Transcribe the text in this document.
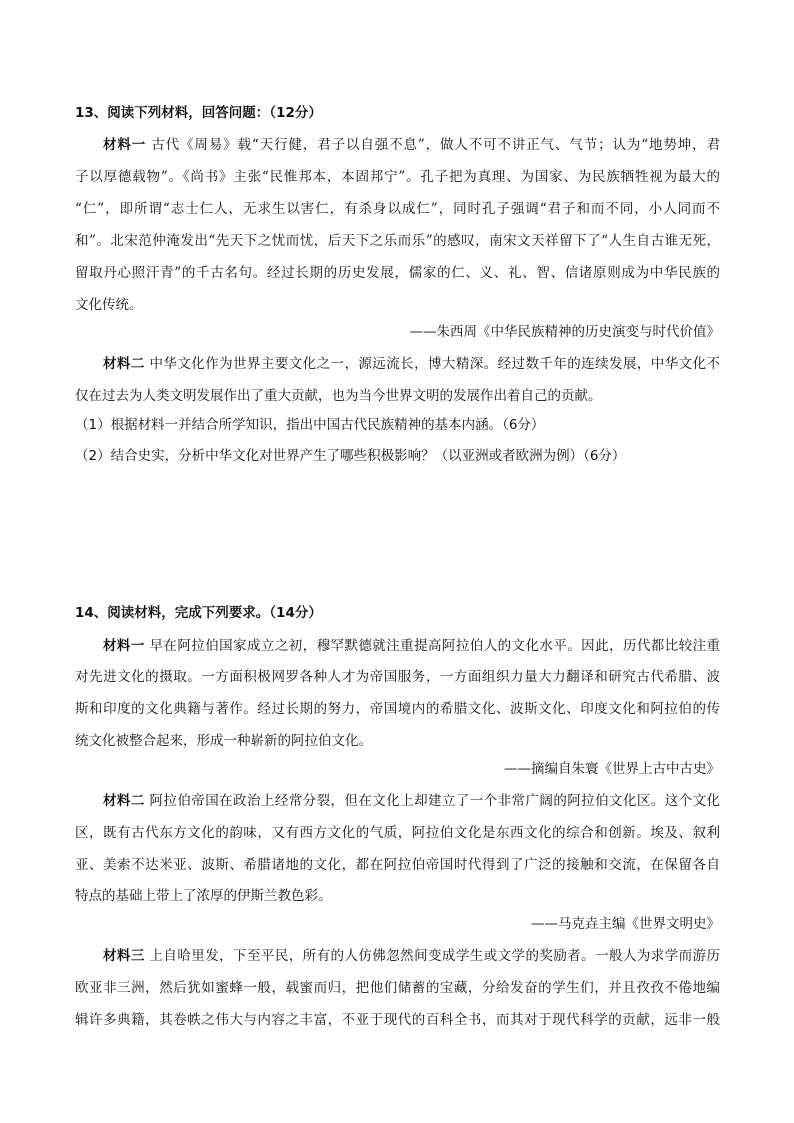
13、阅读下列材料，回答问题：（12分）
材料一 古代《周易》载“天行健，君子以自强不息”，做人不可不讲正气、气节；认为“地势坤，君
子以厚德载物”。《尚书》主张“民惟邦本，本固邦宁”。孔子把为真理、为国家、为民族牺牲视为最大的
“仁”，即所谓“志士仁人，无求生以害仁，有杀身以成仁”，同时孔子强调“君子和而不同，小人同而不
和”。北宋范仲淹发出“先天下之忧而忧，后天下之乐而乐”的感叹，南宋文天祥留下了“人生自古谁无死，
留取丹心照汗青”的千古名句。经过长期的历史发展，儒家的仁、义、礼、智、信诸原则成为中华民族的
文化传统。
——朱西周《中华民族精神的历史演变与时代价值》
材料二 中华文化作为世界主要文化之一，源远流长，博大精深。经过数千年的连续发展，中华文化不
仅在过去为人类文明发展作出了重大贡献，也为当今世界文明的发展作出着自己的贡献。
（1）根据材料一并结合所学知识，指出中国古代民族精神的基本内涵。（6分）
（2）结合史实，分析中华文化对世界产生了哪些积极影响？（以亚洲或者欧洲为例）（6分）
14、阅读材料，完成下列要求。（14分）
材料一 早在阿拉伯国家成立之初，穆罕默德就注重提高阿拉伯人的文化水平。因此，历代都比较注重
对先进文化的摄取。一方面积极网罗各种人才为帝国服务，一方面组织力量大力翻译和研究古代希腊、波
斯和印度的文化典籍与著作。经过长期的努力，帝国境内的希腊文化、波斯文化、印度文化和阿拉伯的传
统文化被整合起来，形成一种崭新的阿拉伯文化。
——摘编自朱寰《世界上古中古史》
材料二 阿拉伯帝国在政治上经常分裂，但在文化上却建立了一个非常广阔的阿拉伯文化区。这个文化
区，既有古代东方文化的韵味，又有西方文化的气质，阿拉伯文化是东西文化的综合和创新。埃及、叙利
亚、美索不达米亚、波斯、希腊诸地的文化，都在阿拉伯帝国时代得到了广泛的接触和交流，在保留各自
特点的基础上带上了浓厚的伊斯兰教色彩。
——马克垚主编《世界文明史》
材料三 上自哈里发，下至平民，所有的人仿佛忽然间变成学生或文学的奖励者。一般人为求学而游历
欧亚非三洲，然后犹如蜜蜂一般，载蜜而归，把他们储蓄的宝藏，分给发奋的学生们，并且孜孜不倦地编
辑许多典籍，其卷帙之伟大与内容之丰富，不亚于现代的百科全书，而其对于现代科学的贡献，远非一般
